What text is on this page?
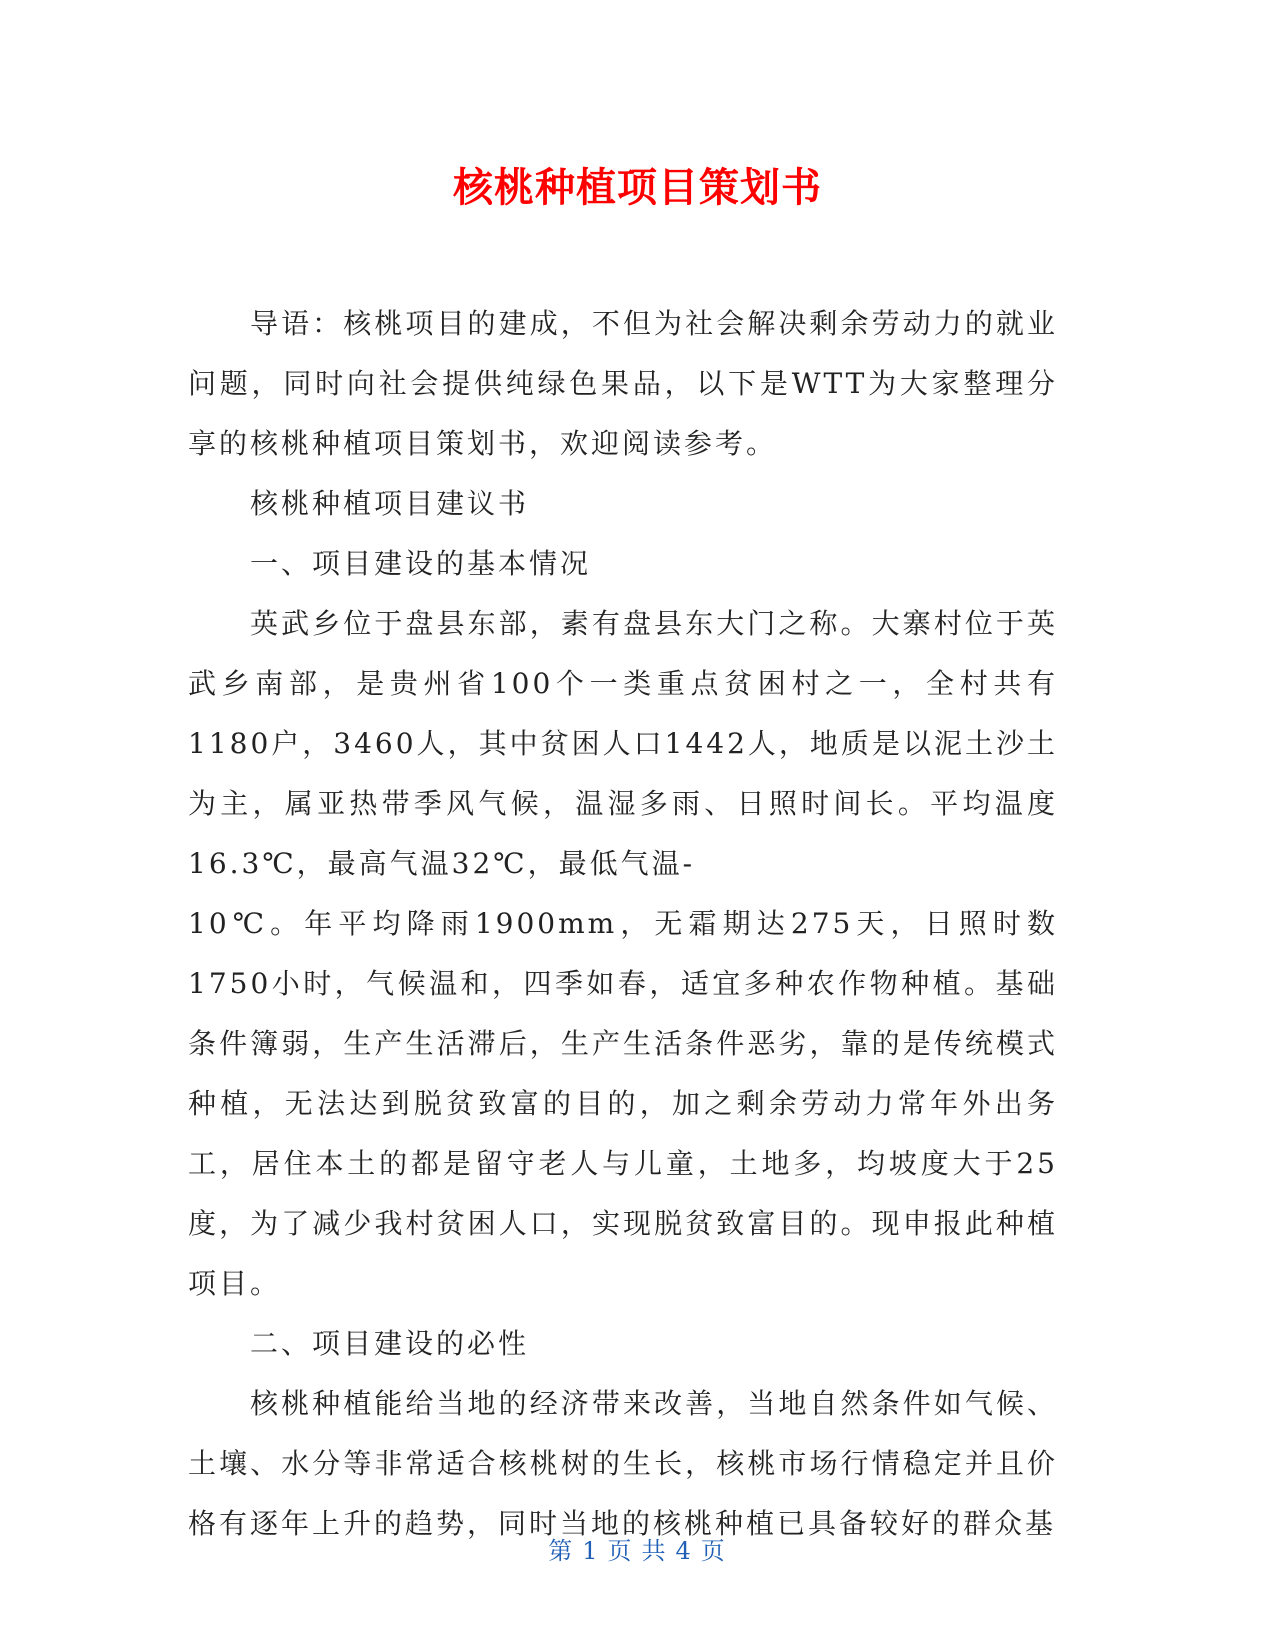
核桃种植项目策划书

导语：核桃项目的建成，不但为社会解决剩余劳动力的就业问题，同时向社会提供纯绿色果品，以下是WTT为大家整理分享的核桃种植项目策划书，欢迎阅读参考。

核桃种植项目建议书

一、项目建设的基本情况

英武乡位于盘县东部，素有盘县东大门之称。大寨村位于英武乡南部，是贵州省100个一类重点贫困村之一，全村共有1180户，3460人，其中贫困人口1442人，地质是以泥土沙土为主，属亚热带季风气候，温湿多雨、日照时间长。平均温度16.3℃，最高气温32℃，最低气温-

10℃。年平均降雨1900mm，无霜期达275天，日照时数1750小时，气候温和，四季如春，适宜多种农作物种植。基础条件簿弱，生产生活滞后，生产生活条件恶劣，靠的是传统模式种植，无法达到脱贫致富的目的，加之剩余劳动力常年外出务工，居住本土的都是留守老人与儿童，土地多，均坡度大于25度，为了减少我村贫困人口，实现脱贫致富目的。现申报此种植项目。

二、项目建设的必性

核桃种植能给当地的经济带来改善，当地自然条件如气候、土壤、水分等非常适合核桃树的生长，核桃市场行情稳定并且价格有逐年上升的趋势，同时当地的核桃种植已具备较好的群众基

第 1 页 共 4 页
